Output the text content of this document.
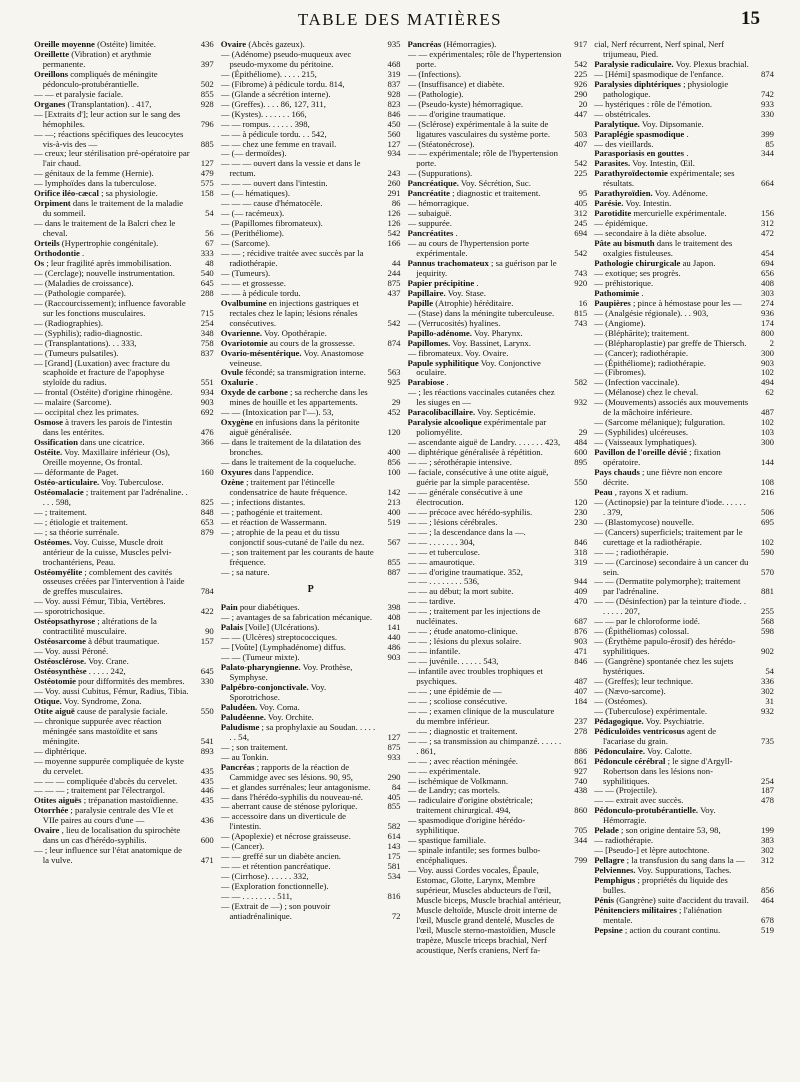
TABLE DES MATIÈRES	15
Oreille moyenne (Ostéite) limitée.	436
Oreillette (Vibration) et arythmie permanente.	397
Oreillons compliqués de méningite pédonculo-protubérantielle.	502
— — et paralysie faciale.	855
Organes (Transplantation). . 417,	928
— [Extraits d']; leur action sur le sang des hémophiles.	796
— —; réactions spécifiques des leucocytes vis-à-vis des —	885
— creux; leur stérilisation pré-opératoire par l'air chaud.	127
— génitaux de la femme (Hernie).	479
— lymphoïdes dans la tuberculose.	575
Orifice iléo-cæcal ; sa physiologie.	158
Orpiment dans le traitement de la maladie du sommeil.	54
— dans le traitement de la Balcri chez le cheval.	56
Orteils (Hypertrophie congénitale).	67
Orthodontie .	333
Os ; leur fragilité après immobilisation.	48
— (Cerclage); nouvelle instrumentation.	540
— (Maladies de croissance).	645
— (Pathologie comparée).	288
— (Raccourcissement); influence favorable sur les fonctions musculaires.	715
— (Radiographies).	254
— (Syphilis); radio-diagnostic.	348
— (Transplantations). . . 333,	758
— (Tumeurs pulsatiles).	837
— [Grand] (Luxation) avec fracture du scaphoïde et fracture de l'apophyse styloïde du radius.	551
— frontal (Ostéite) d'origine rhinogène.	934
— malaire (Sarcome).	903
— occipital chez les primates.	692
Osmose à travers les parois de l'intestin dans les entérites.	476
Ossification dans une cicatrice.	366
Ostéite. Voy. Maxillaire inférieur (Os), Oreille moyenne, Os frontal.
— déformante de Paget.	160
Ostéo-articulaire. Voy. Tuberculose.
Ostéomalacie ; traitement par l'adrénaline. . . . . 598,	825
— ; traitement.	848
— ; étiologie et traitement.	653
— ; sa théorie surrénale.	879
Ostéomes. Voy. Cuisse, Muscle droit antérieur de la cuisse, Muscles pelvi-trochantériens, Peau.
Ostéomyélite ; comblement des cavités osseuses créées par l'intervention à l'aide de greffes musculaires.	784
— Voy. aussi Fémur, Tibia, Vertèbres.
— sporotrichosique.	422
Ostéopsathyrose ; altérations de la contractilité musculaire.	90
Ostéosarcome à début traumatique.	157
— Voy. aussi Péroné.
Ostéosclérose. Voy. Crane.
Ostéosynthèse . . . . . 242,	645
Ostéotomie pour difformités des membres. 330
— Voy. aussi Cubitus, Fémur, Radius, Tibia.
Otique. Voy. Syndrome, Zona.
Otite aiguë cause de paralysie faciale.	550
— chronique suppurée avec réaction méningée sans mastoïdite et sans méningite.	541
— diphtérique.	893
— moyenne suppurée compliquée de kyste du cervelet.	435
— — — compliquée d'abcès du cervelet.	435
— — — ; traitement par l'électrargol.	446
Otites aiguës ; trépanation mastoïdienne.	435
Otorrhée ; paralysie centrale des VIe et VIIe paires au cours d'une —	436
Ovaire , lieu de localisation du spirochète dans un cas d'hérédo-syphilis.	600
— ; leur influence sur l'état anatomique de la vulve.	471
Ovaire (Abcès gazeux).	935
— (Adénome) pseudo-muqueux avec pseudo-myxome du péritoine.	468
— (Épithéliome). . . . . 215,	319
— (Fibrome) à pédicule tordu. 814,	837
— (Glande a sécrétion interne).	928
— (Greffes). . . . 86, 127, 311,	823
— (Kystes). . . . . . . 166,	846
— — rompus. . . . . . 398,	450
— — à pédicule tordu. . . 542,	560
— — chez une femme en travail.	127
— (— dermoïdes).	934
— — — ouvert dans la vessie et dans le rectum.	243
— — — ouvert dans l'intestin.	260
— (— hématiques).	291
— — — cause d'hématocèle.	86
— (— racémeux).	126
— (Papillomes fibromateux).	126
— (Perithéliome).	542
— (Sarcome).	166
— — ; récidive traitée avec succès par la radiothérapie.	44
— (Tumeurs).	244
— — et grossesse.	875
— — à pédicule tordu.	437
Ovalbumine en injections gastriques et rectales chez le lapin; lésions rénales consécutives.	542
Ovarienne. Voy. Opothérapie.
Ovariotomie au cours de la grossesse.	874
Ovario-mésentérique. Voy. Anastomose veineuse.
Ovule fécondé; sa transmigration interne. 563
Oxalurie .	925
Oxyde de carbone ; sa recherche dans les mines de houille et les appartements.	29
— — (Intoxication par l'—). 53,	452
Oxygène en infusions dans la péritonite aiguë généralisée.	120
— dans le traitement de la dilatation des bronches.	400
— dans le traitement de la coqueluche.	856
Oxyures dans l'appendice.	100
Ozène ; traitement par l'étincelle condensatrice de haute fréquence.	142
— ; infections distantes.	213
— ; pathogénie et traitement.	400
— et réaction de Wassermann.	519
— ; atrophie de la peau et du tissu conjonctif sous-cutané de l'aile du nez.	567
— ; son traitement par les courants de haute fréquence.	855
— ; sa nature.	887
P
Pain pour diabétiques.	398
— ; avantages de sa fabrication mécanique. 408
Palais [Voile] (Ulcérations).	141
— — (Ulcères) streptococciques.	440
— [Voûte] (Lymphadénome) diffus.	486
— — (Tumeur mixte).	903
Palato-pharyngienne. Voy. Prothèse, Symphyse.
Palpébro-conjonctivale. Voy. Sporotrichose.
Paludéen. Voy. Coma.
Paludéenne. Voy. Orchite.
Paludisme ; sa prophylaxie au Soudan. . . . . . . 54,	127
— ; son traitement.	875
— au Tonkin.	933
Pancréas ; rapports de la réaction de Cammidge avec ses lésions. 90, 95,	290
— et glandes surrénales; leur antagonisme. 84
— dans l'hérédo-syphilis du nouveau-né.	405
— aberrant cause de sténose pylorique.	855
— accessoire dans un diverticule de l'intestin.	582
— (Apoplexie) et nécrose graisseuse.	614
— (Cancer).	143
— — greffé sur un diabète ancien.	175
— — et rétention pancréatique.	581
— (Cirrhose). . . . . . 332,	534
— (Exploration fonctionnelle).
— — . . . . . . . . 511,	816
— (Extrait de —) ; son pouvoir antiadrénalinique.	72
Pancréas (Hémorragies).	917
— — expérimentales; rôle de l'hypertension porte.	542
— (Infections).	225
— (Insuffisance) et diabète.	926
— (Pathologie).	290
— (Pseudo-kyste) hémorragique.	20
— — d'origine traumatique.	447
— (Sclérose) expérimentale à la suite de ligatures vasculaires du système porte.	503
— (Stéatonécrose).	407
— — expérimentale; rôle de l'hypertension porte.	542
— (Suppurations).	225
Pancréatique. Voy. Sécrétion, Suc.
Pancréatite ; diagnostic et traitement.	95
— hémorragique.	405
— subaiguë.	312
— suppurée.	245
Pancréatites .	694
— au cours de l'hypertension porte expérimentale.	542
Pannus trachomateux ; sa guérison par le jequirity.	743
Papier précipitine .	920
Papillaire. Voy. Stase.
Papille (Atrophie) héréditaire.	16
— (Stase) dans la méningite tuberculeuse. 815
— (Verrucosités) hyalines.	743
Papillo-adénome. Voy. Pharynx.
Papillomes. Voy. Bassinet, Larynx.
— fibromateux. Voy. Ovaire.
Papule syphilitique Voy. Conjonctive oculaire.
Parabiose .	582
— ; les réactions vaccinales cutanées chez les siuges en —	932
Paracolibacillaire. Voy. Septicémie.
Paralysie alcoolique expérimentale par poliomyélite.	29
— ascendante aiguë de Landry. . . . . . . 423, 484
— diphtérique généralisée à répétition.	600
— — ; sérothérapie intensive.	895
— faciale, consécutive à une otite aiguë, guérie par la simple paracentèse.	550
— — générale consécutive à une électrocution.	120
— — précoce avec hérédo-syphilis.	230
— — ; lésions cérébrales.	230
— — ; la descendance dans la —.
— — . . . . . . . 304,	846
— — et tuberculose.	318
— — amaurotique.	319
— — d'origine traumatique. 352,
— — . . . . . . . . 536,	944
— — au début; la mort subite.	409
— — tardive.	470
— — ; traitement par les injections de nucléinates.	687
— — ; étude anatomo-clinique.	876
— — ; lésions du plexus solaire.	903
— — infantile.	471
— — juvénile. . . . . . 543,	846
— infantile avec troubles trophiques et psychiques.	487
— — ; une épidémie de —	407
— — ; scoliose consécutive.	184
— — ; examen clinique de la musculature du membre inférieur.	237
— — ; diagnostic et traitement.	278
— — ; sa transmission au chimpanzé. . . . . . . 861,	886
— — ; avec réaction méningée.	861
— — expérimentale.	927
— ischémique de Volkmann.	740
— de Landry; cas mortels.	438
— radiculaire d'origine obstétricale; traitement chirurgical. 494,	860
— spasmodique d'origine hérédo-syphilitique.	705
— spastique familiale.	344
— spinale infantile; ses formes bulbo-encéphaliques.	799
— Voy. aussi Cordes vocales, Épaule, Estomac, Glotte, Larynx, Membre supérieur, Muscles abducteurs de l'œil, Muscle biceps, Muscle brachial antérieur, Muscle deltoïde, Muscle droit interne de l'œil, Muscle grand dentelé, Muscles de l'œil, Muscle sterno-mastoïdien, Muscle trapèze, Muscle triceps brachial, Nerf acoustique, Nerfs craniens, Nerf fa-
cial, Nerf récurrent, Nerf spinal, Nerf trijumeau, Pied.
Paralysie radiculaire. Voy. Plexus brachial.
— [Hémi] spasmodique de l'enfance.	874
Paralysies diphtériques ; physiologie pathologique.	742
— hystériques : rôle de l'émotion.	933
— obstétricales.	330
Paralytique. Voy. Dipsomanie.
Paraplégie spasmodique .	399
— des vieillards.	85
Parasporiasis en gouttes .	344
Parasites. Voy. Intestin, Œil.
Parathyroïdectomie expérimentale; ses résultats.	664
Parathyroïdien. Voy. Adénome.
Parésie. Voy. Intestin.
Parotidite mercurielle expérimentale.	156
— épidémique.	312
— secondaire à la diète absolue.	472
Pâte au bismuth dans le traitement des oxalgies fistuleuses.	454
Pathologie chirurgicale au Japon.	694
— exotique; ses progrès.	656
— préhistorique.	408
Pathomimie .	303
Paupières ; pince à hémostase pour les — 274
— (Analgésie régionale). . . 903,	936
— (Angiome).	174
— (Bléphārite); traitement.	800
— (Blépharoplastie) par greffe de Thiersch.	2
— (Cancer); radiothérapie.	300
— (Épithéliome); radiothérapie.	903
— (Fibromes).	102
— (Infection vaccinale).	494
— (Mélanose) chez le cheval.	62
— (Mouvements) associés aux mouvements de la mâchoire inférieure.	487
— (Sarcome mélanique); fulguration.	102
— (Syphilides) ulcéreuses.	103
— (Vaisseaux lymphatiques).	300
Pavillon de l'oreille dévié ; fixation opératoire.	144
Pays chauds ; une fièvre non encore décrite.	108
Peau , rayons X et radium.	216
— (Actinopsie) par la teinture d'iode. . . . . . . 379,	506
— (Blastomycose) nouvelle.	695
— (Cancers) superficiels; traitement par le curettage et la radiothérapie.	102
— — ; radiothérapie.	590
— — (Carcinose) secondaire à un cancer du sein.	570
— — (Dermatite polymorphe); traitement par l'adrénaline.	881
— — (Désinfection) par la teinture d'iode. . . . . . . 207,	255
— — par le chloroforme iodé.	568
— (Épithéliomas) colossal.	598
— (Érythème papulo-érosif) des hérédo-syphilitiques.	902
— (Gangrène) spontanée chez les sujets hystériques.	54
— (Greffes); leur technique.	336
— (Nævo-sarcome).	302
— (Ostéomes).	31
— (Tuberculose) expérimentale.	932
Pédagogique. Voy. Psychiatrie.
Pédiculoïdes ventricosus agent de l'acariase du grain.	735
Pédonculaire. Voy. Calotte.
Pédoncule cérébral ; le signe d'Argyll-Robertson dans les lésions non-syphilitiques.	254
— — (Projectile).	187
— — extrait avec succès.	478
Pédonculo-protubérantielle. Voy. Hémorragie.
Pelade ; son origine dentaire 53, 98,	199
— radiothérapie.	383
— [Pseudo-] et lèpre autochtone.	302
Pellagre ; la transfusion du sang dans la — 312
Pelviennes. Voy. Suppurations, Taches.
Pemphigus ; propriétés du liquide des bulles.	856
Pénis (Gangrène) suite d'accident du travail. 464
Pénitenciers militaires ; l'aliénation mentale.	678
Pepsine ; action du courant continu.	519
